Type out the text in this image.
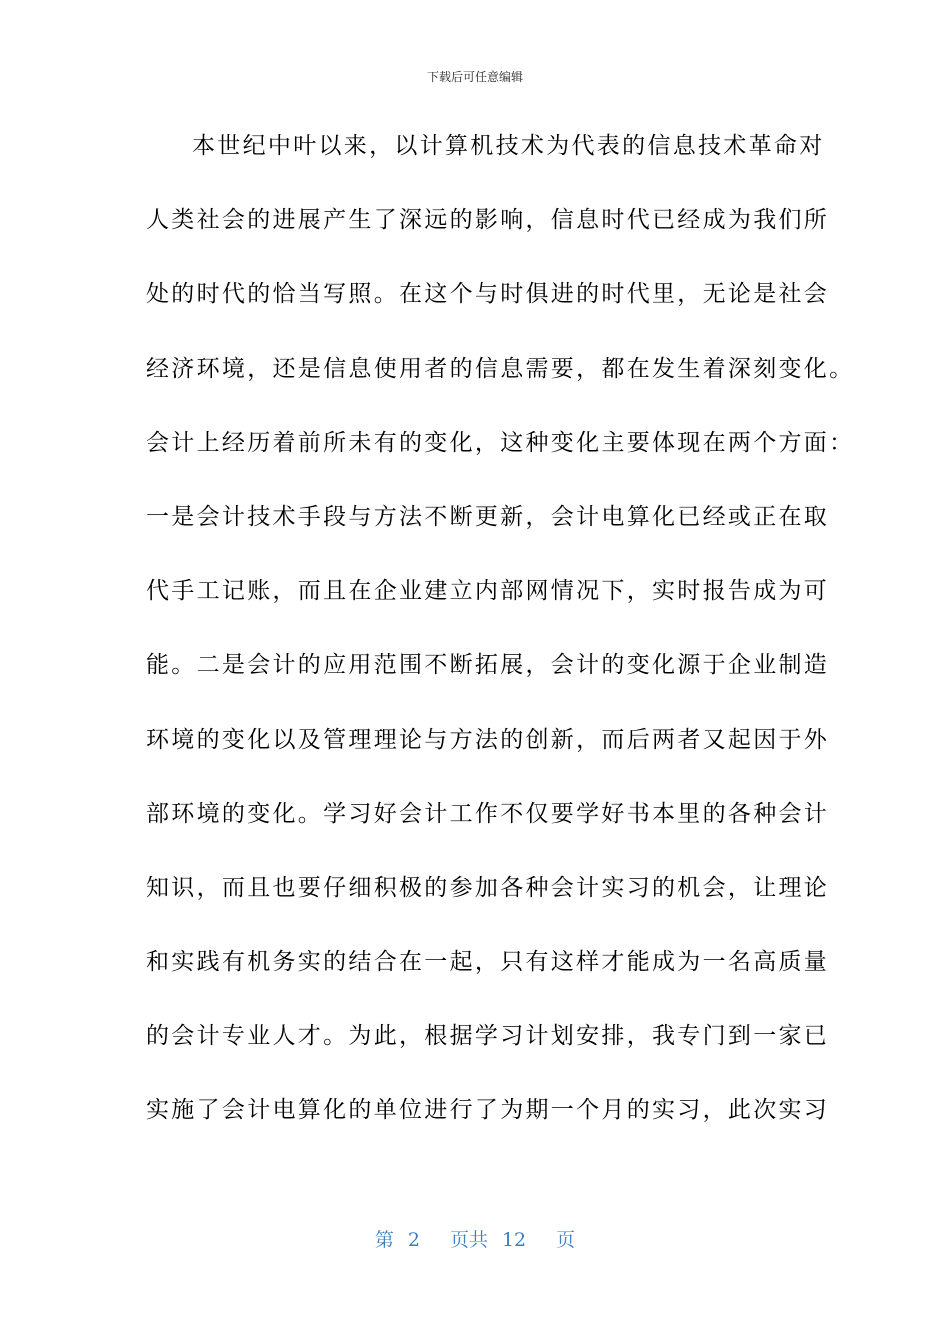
下载后可任意编辑
本世纪中叶以来，以计算机技术为代表的信息技术革命对
人类社会的进展产生了深远的影响，信息时代已经成为我们所
处的时代的恰当写照。在这个与时俱进的时代里，无论是社会
经济环境，还是信息使用者的信息需要，都在发生着深刻变化。
会计上经历着前所未有的变化，这种变化主要体现在两个方面：
一是会计技术手段与方法不断更新，会计电算化已经或正在取
代手工记账，而且在企业建立内部网情况下，实时报告成为可
能。二是会计的应用范围不断拓展，会计的变化源于企业制造
环境的变化以及管理理论与方法的创新，而后两者又起因于外
部环境的变化。学习好会计工作不仅要学好书本里的各种会计
知识，而且也要仔细积极的参加各种会计实习的机会，让理论
和实践有机务实的结合在一起，只有这样才能成为一名高质量
的会计专业人才。为此，根据学习计划安排，我专门到一家已
实施了会计电算化的单位进行了为期一个月的实习，此次实习
第 2 页共 12 页
